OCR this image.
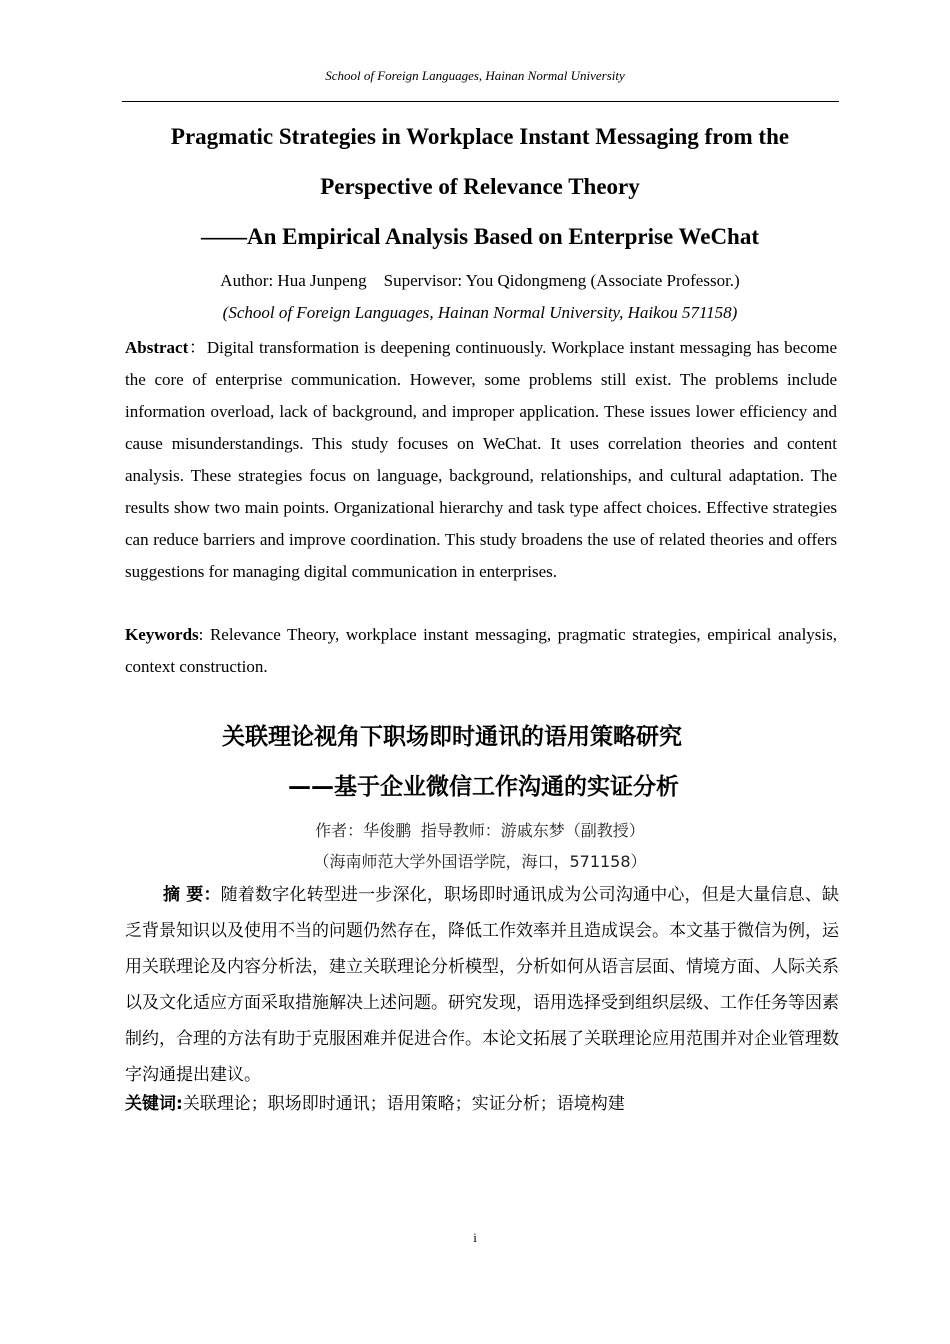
School of Foreign Languages, Hainan Normal University
Pragmatic Strategies in Workplace Instant Messaging from the
Perspective of Relevance Theory
——An Empirical Analysis Based on Enterprise WeChat
Author: Hua Junpeng    Supervisor: You Qidongmeng (Associate Professor.)
(School of Foreign Languages, Hainan Normal University, Haikou 571158)

Abstract：Digital transformation is deepening continuously. Workplace instant messaging has become the core of enterprise communication. However, some problems still exist. The problems include information overload, lack of background, and improper application. These issues lower efficiency and cause misunderstandings. This study focuses on WeChat. It uses correlation theories and content analysis. These strategies focus on language, background, relationships, and cultural adaptation. The results show two main points. Organizational hierarchy and task type affect choices. Effective strategies can reduce barriers and improve coordination. This study broadens the use of related theories and offers suggestions for managing digital communication in enterprises.

Keywords: Relevance Theory, workplace instant messaging, pragmatic strategies, empirical analysis, context construction.

关联理论视角下职场即时通讯的语用策略研究
——基于企业微信工作沟通的实证分析
作者：华俊鹏 指导教师：游戚东梦（副教授）
（海南师范大学外国语学院，海口，571158）

摘 要：随着数字化转型进一步深化，职场即时通讯成为公司沟通中心，但是大量信息、缺乏背景知识以及使用不当的问题仍然存在，降低工作效率并且造成误会。本文基于微信为例，运用关联理论及内容分析法，建立关联理论分析模型，分析如何从语言层面、情境方面、人际关系以及文化适应方面采取措施解决上述问题。研究发现，语用选择受到组织层级、工作任务等因素制约，合理的方法有助于克服困难并促进合作。本论文拓展了关联理论应用范围并对企业管理数字沟通提出建议。

关键词:关联理论；职场即时通讯；语用策略；实证分析；语境构建

i
